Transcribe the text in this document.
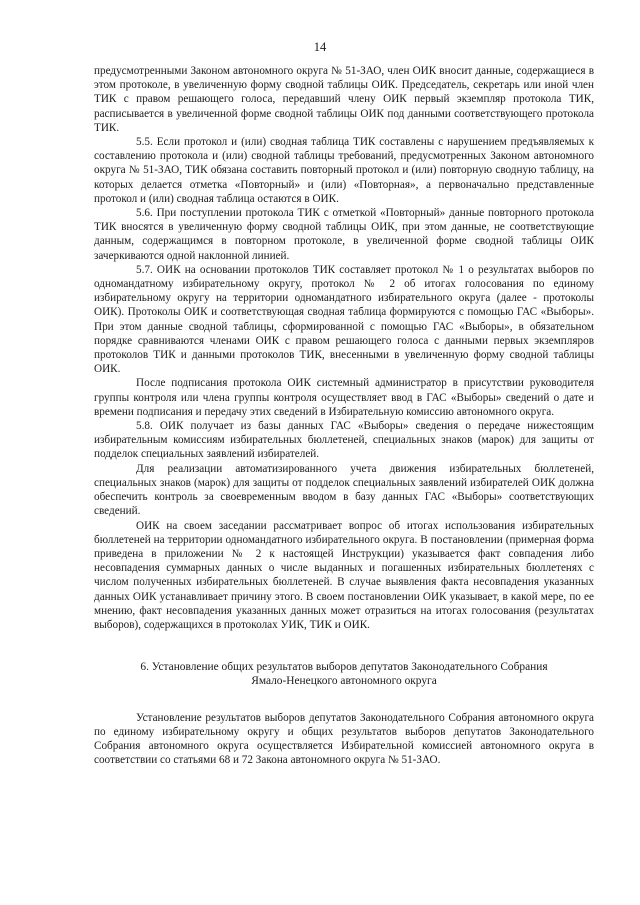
14

предусмотренными Законом автономного округа № 51-ЗАО, член ОИК вносит данные, содержащиеся в этом протоколе, в увеличенную форму сводной таблицы ОИК. Председатель, секретарь или иной член ТИК с правом решающего голоса, передавший члену ОИК первый экземпляр протокола ТИК, расписывается в увеличенной форме сводной таблицы ОИК под данными соответствующего протокола ТИК.

5.5. Если протокол и (или) сводная таблица ТИК составлены с нарушением предъявляемых к составлению протокола и (или) сводной таблицы требований, предусмотренных Законом автономного округа № 51-ЗАО, ТИК обязана составить повторный протокол и (или) повторную сводную таблицу, на которых делается отметка «Повторный» и (или) «Повторная», а первоначально представленные протокол и (или) сводная таблица остаются в ОИК.

5.6. При поступлении протокола ТИК с отметкой «Повторный» данные повторного протокола ТИК вносятся в увеличенную форму сводной таблицы ОИК, при этом данные, не соответствующие данным, содержащимся в повторном протоколе, в увеличенной форме сводной таблицы ОИК зачеркиваются одной наклонной линией.

5.7. ОИК на основании протоколов ТИК составляет протокол № 1 о результатах выборов по одномандатному избирательному округу, протокол № 2 об итогах голосования по единому избирательному округу на территории одномандатного избирательного округа (далее - протоколы ОИК). Протоколы ОИК и соответствующая сводная таблица формируются с помощью ГАС «Выборы». При этом данные сводной таблицы, сформированной с помощью ГАС «Выборы», в обязательном порядке сравниваются членами ОИК с правом решающего голоса с данными первых экземпляров протоколов ТИК и данными протоколов ТИК, внесенными в увеличенную форму сводной таблицы ОИК.

После подписания протокола ОИК системный администратор в присутствии руководителя группы контроля или члена группы контроля осуществляет ввод в ГАС «Выборы» сведений о дате и времени подписания и передачу этих сведений в Избирательную комиссию автономного округа.

5.8. ОИК получает из базы данных ГАС «Выборы» сведения о передаче нижестоящим избирательным комиссиям избирательных бюллетеней, специальных знаков (марок) для защиты от подделок специальных заявлений избирателей.

Для реализации автоматизированного учета движения избирательных бюллетеней, специальных знаков (марок) для защиты от подделок специальных заявлений избирателей ОИК должна обеспечить контроль за своевременным вводом в базу данных ГАС «Выборы» соответствующих сведений.

ОИК на своем заседании рассматривает вопрос об итогах использования избирательных бюллетеней на территории одномандатного избирательного округа. В постановлении (примерная форма приведена в приложении № 2 к настоящей Инструкции) указывается факт совпадения либо несовпадения суммарных данных о числе выданных и погашенных избирательных бюллетенях с числом полученных избирательных бюллетеней. В случае выявления факта несовпадения указанных данных ОИК устанавливает причину этого. В своем постановлении ОИК указывает, в какой мере, по ее мнению, факт несовпадения указанных данных может отразиться на итогах голосования (результатах выборов), содержащихся в протоколах УИК, ТИК и ОИК.

6. Установление общих результатов выборов депутатов Законодательного Собрания
Ямало-Ненецкого автономного округа

Установление результатов выборов депутатов Законодательного Собрания автономного округа по единому избирательному округу и общих результатов выборов депутатов Законодательного Собрания автономного округа осуществляется Избирательной комиссией автономного округа в соответствии со статьями 68 и 72 Закона автономного округа № 51-ЗАО.
